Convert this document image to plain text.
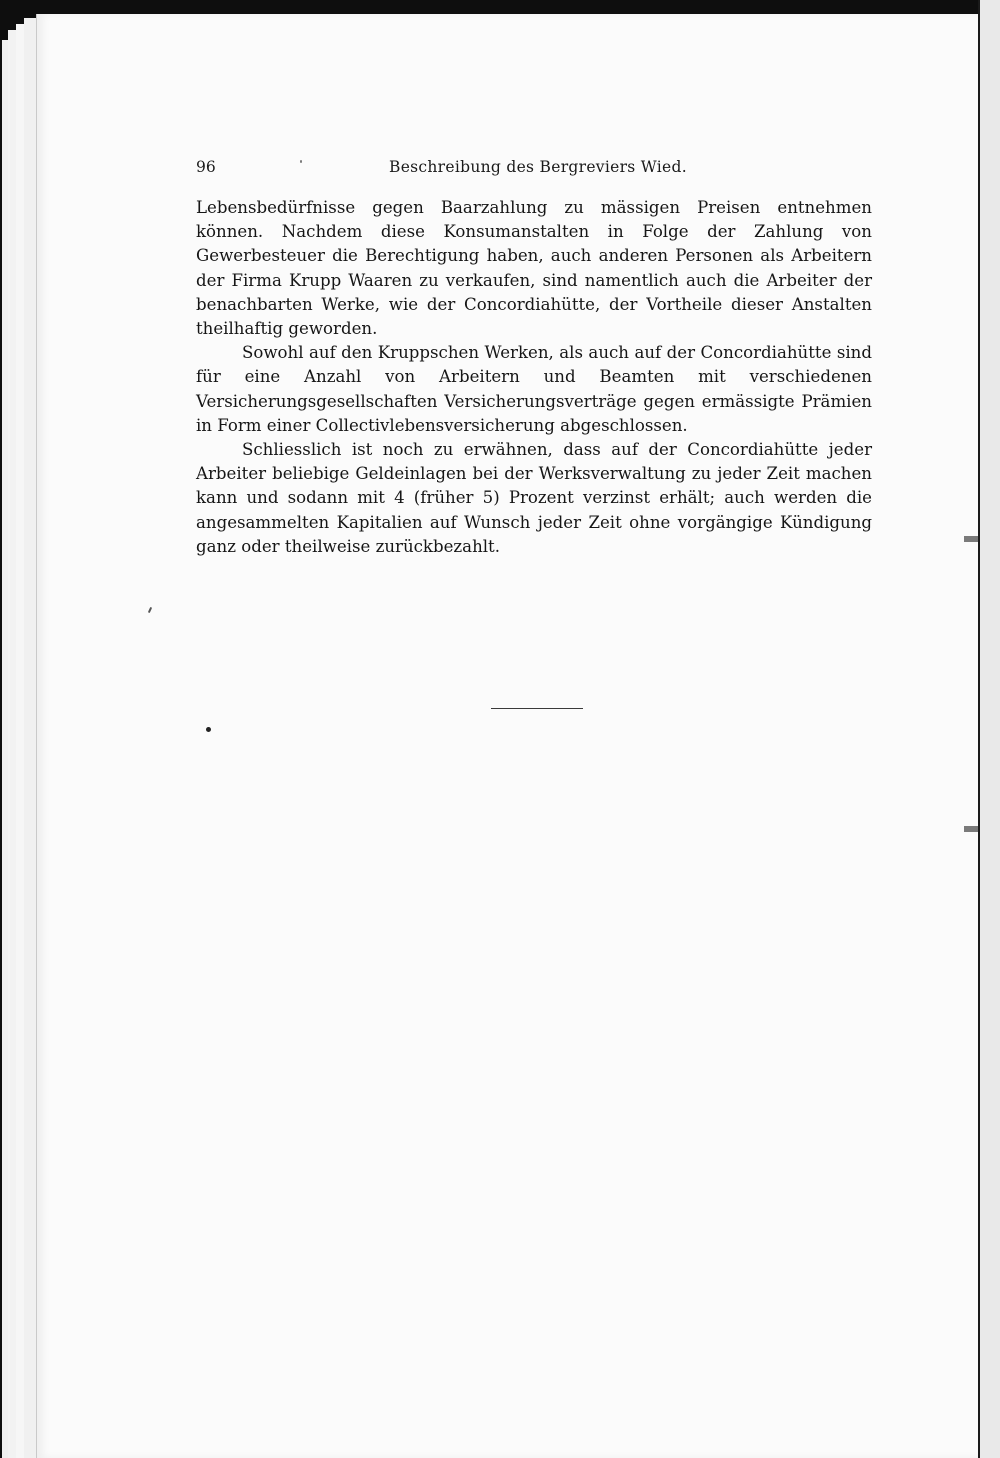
96	Beschreibung des Bergreviers Wied.

Lebensbedürfnisse gegen Baarzahlung zu mässigen Preisen entnehmen können. Nachdem diese Konsumanstalten in Folge der Zahlung von Gewerbesteuer die Berechtigung haben, auch anderen Personen als Arbeitern der Firma Krupp Waaren zu verkaufen, sind namentlich auch die Arbeiter der benachbarten Werke, wie der Concordiahütte, der Vortheile dieser Anstalten theilhaftig geworden.

Sowohl auf den Kruppschen Werken, als auch auf der Concordiahütte sind für eine Anzahl von Arbeitern und Beamten mit verschiedenen Versicherungsgesellschaften Versicherungsverträge gegen ermässigte Prämien in Form einer Collectivlebensversicherung abgeschlossen.

Schliesslich ist noch zu erwähnen, dass auf der Concordiahütte jeder Arbeiter beliebige Geldeinlagen bei der Werksverwaltung zu jeder Zeit machen kann und sodann mit 4 (früher 5) Prozent verzinst erhält; auch werden die angesammelten Kapitalien auf Wunsch jeder Zeit ohne vorgängige Kündigung ganz oder theilweise zurückbezahlt.
